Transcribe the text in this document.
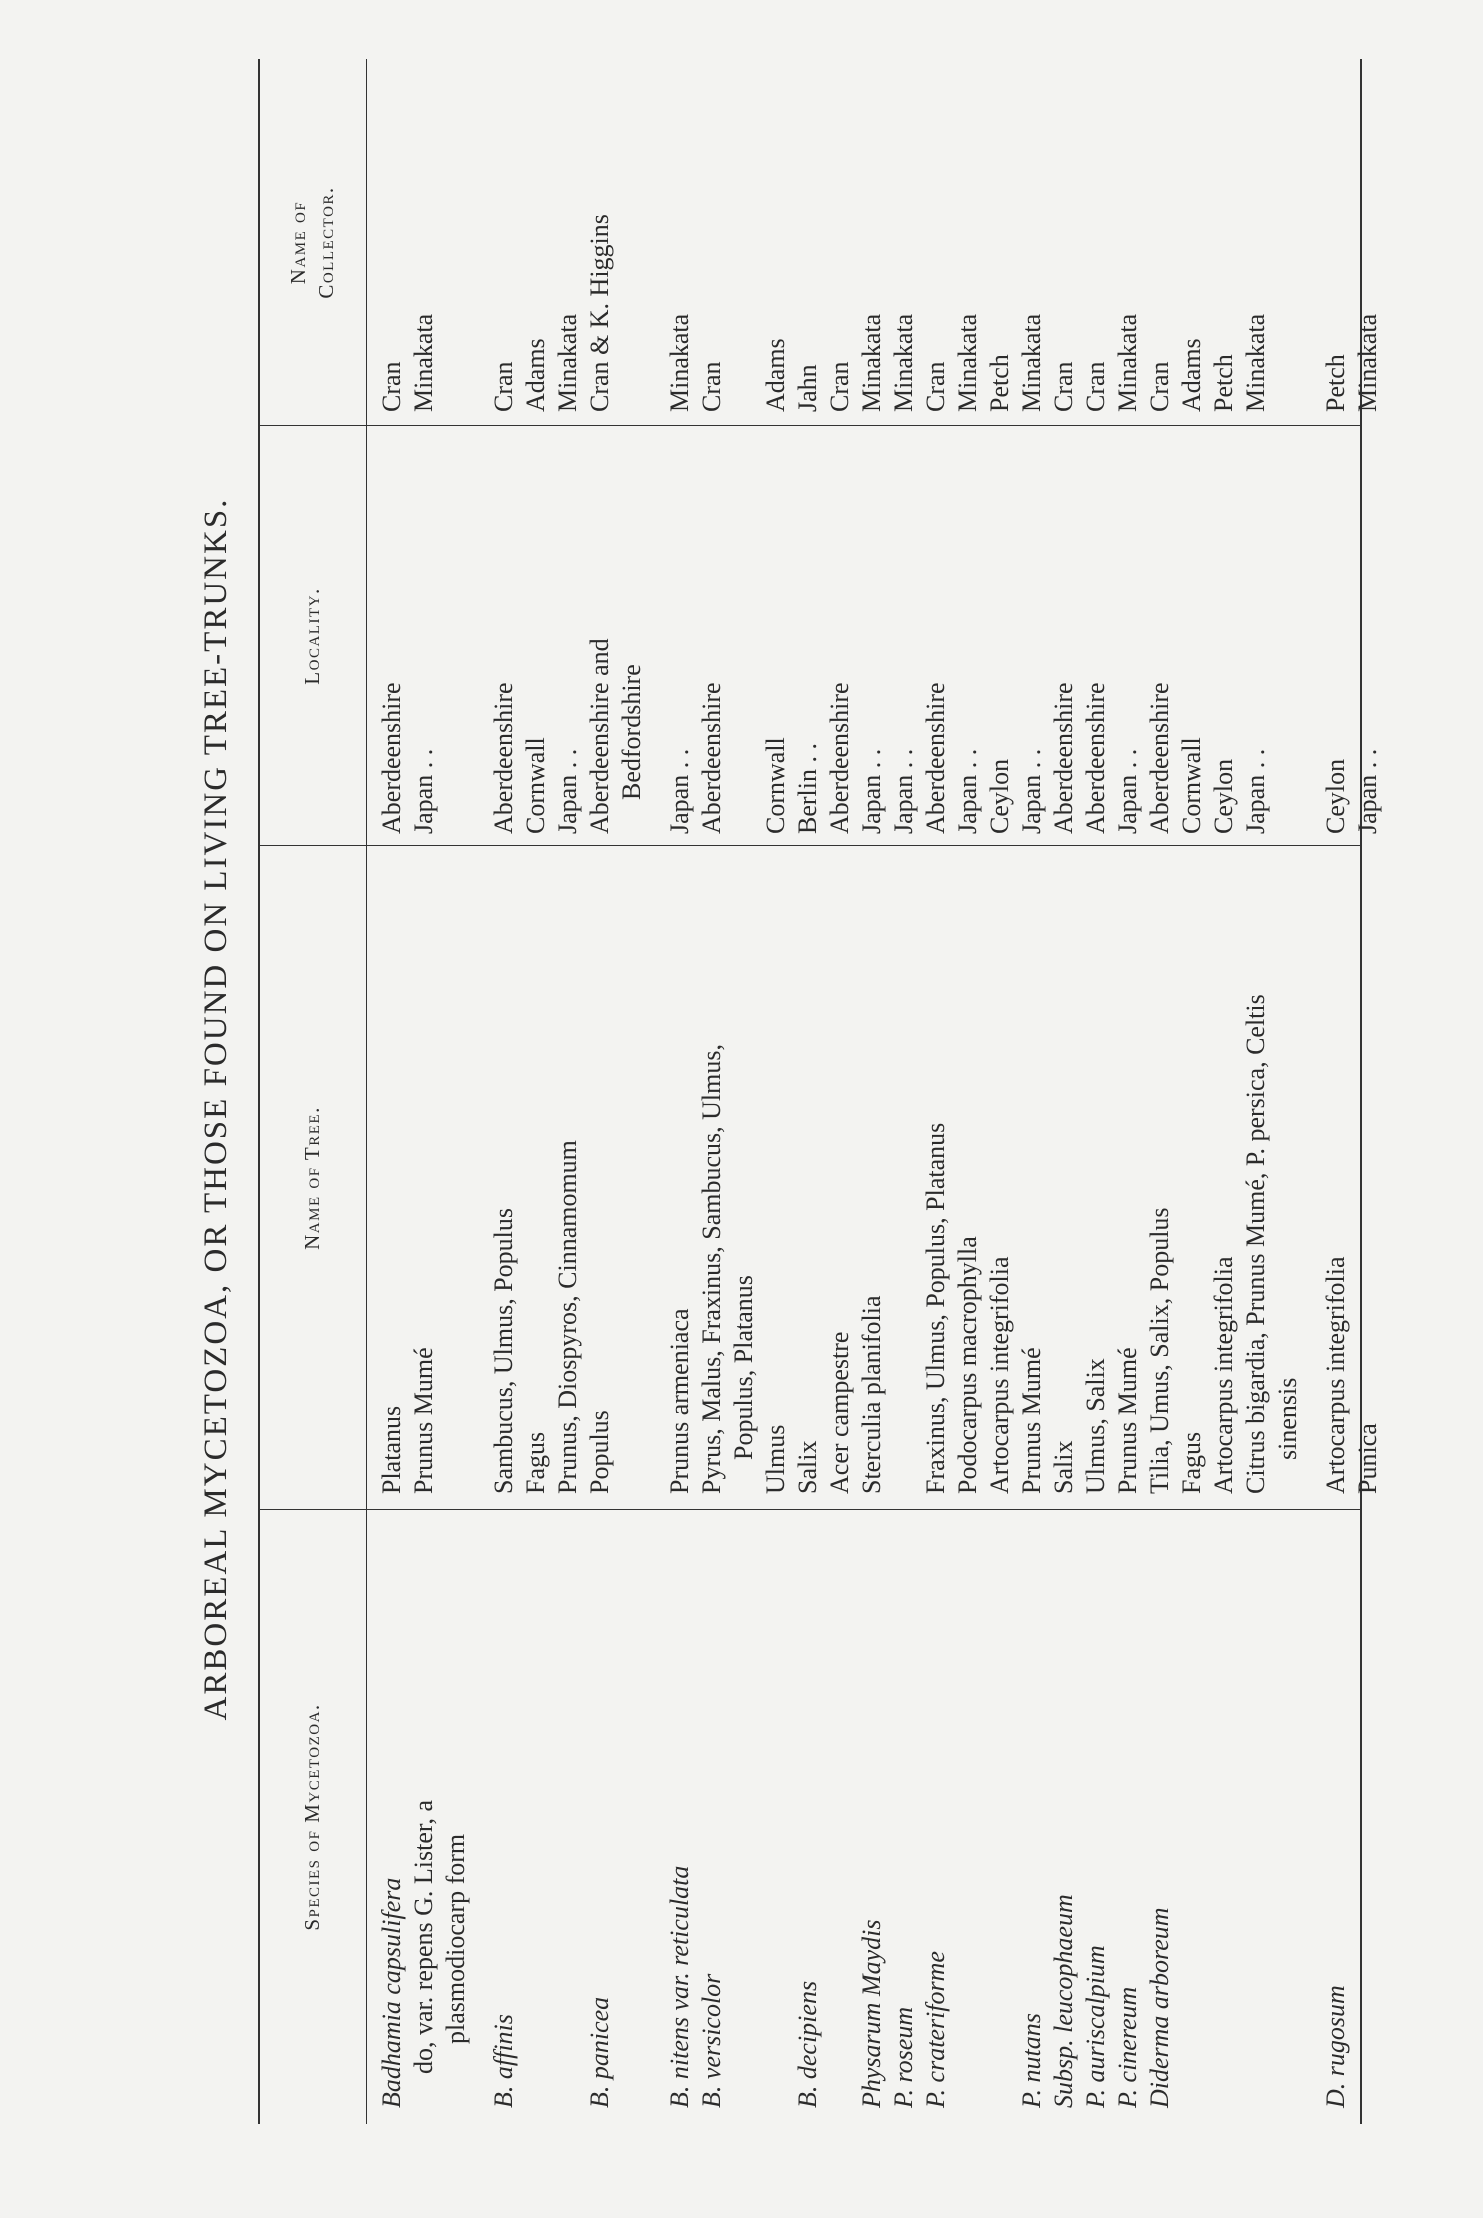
ARBOREAL MYCETOZOA, OR THOSE FOUND ON LIVING TREE-TRUNKS.
Species of Mycetozoa.
Name of Tree.
Locality.
Name of Collector.
Badhamia capsulifera
Platanus
Aberdeenshire
Cran
do, var. repens G. Lister, a
Prunus Mumé
Japan . .
Minakata
plasmodiocarp form
B. affinis
Sambucus, Ulmus, Populus
Aberdeenshire
Cran
Fagus
Cornwall
Adams
Prunus, Diospyros, Cinnamomum
Japan . .
Minakata
B. panicea
Populus
Aberdeenshire and
Cran & K. Higgins
Bedfordshire
B. nitens var. reticulata
Prunus armeniaca
Japan . .
Minakata
B. versicolor
Pyrus, Malus, Fraxinus, Sambucus, Ulmus,
Aberdeenshire
Cran
Populus, Platanus Ulmus
Cornwall
Adams
B. decipiens
Salix
Berlin . .
Jahn
Acer campestre
Aberdeenshire
Cran
Physarum Maydis
Sterculia planifolia
Japan . .
Minakata
P. roseum
Japan . .
Minakata
P. crateriforme
Fraxinus, Ulmus, Populus, Platanus
Aberdeenshire
Cran
Podocarpus macrophylla
Japan . .
Minakata
Artocarpus integrifolia
Ceylon
Petch
P. nutans
Prunus Mumé
Japan . .
Minakata
Subsp. leucophaeum
Salix
Aberdeenshire
Cran
P. auriscalpium
Ulmus, Salix
Aberdeenshire
Cran
P. cinereum
Prunus Mumé
Japan . .
Minakata
Diderma arboreum
Tilia, Umus, Salix, Populus
Aberdeenshire
Cran
Fagus
Cornwall
Adams
Artocarpus integrifolia
Ceylon
Petch
Citrus bigardia, Prunus Mumé, P. persica, Celtis
Japan . .
Minakata
sinensis
D. rugosum
Artocarpus integrifolia
Ceylon
Petch
Punica
Japan . .
Minakata
